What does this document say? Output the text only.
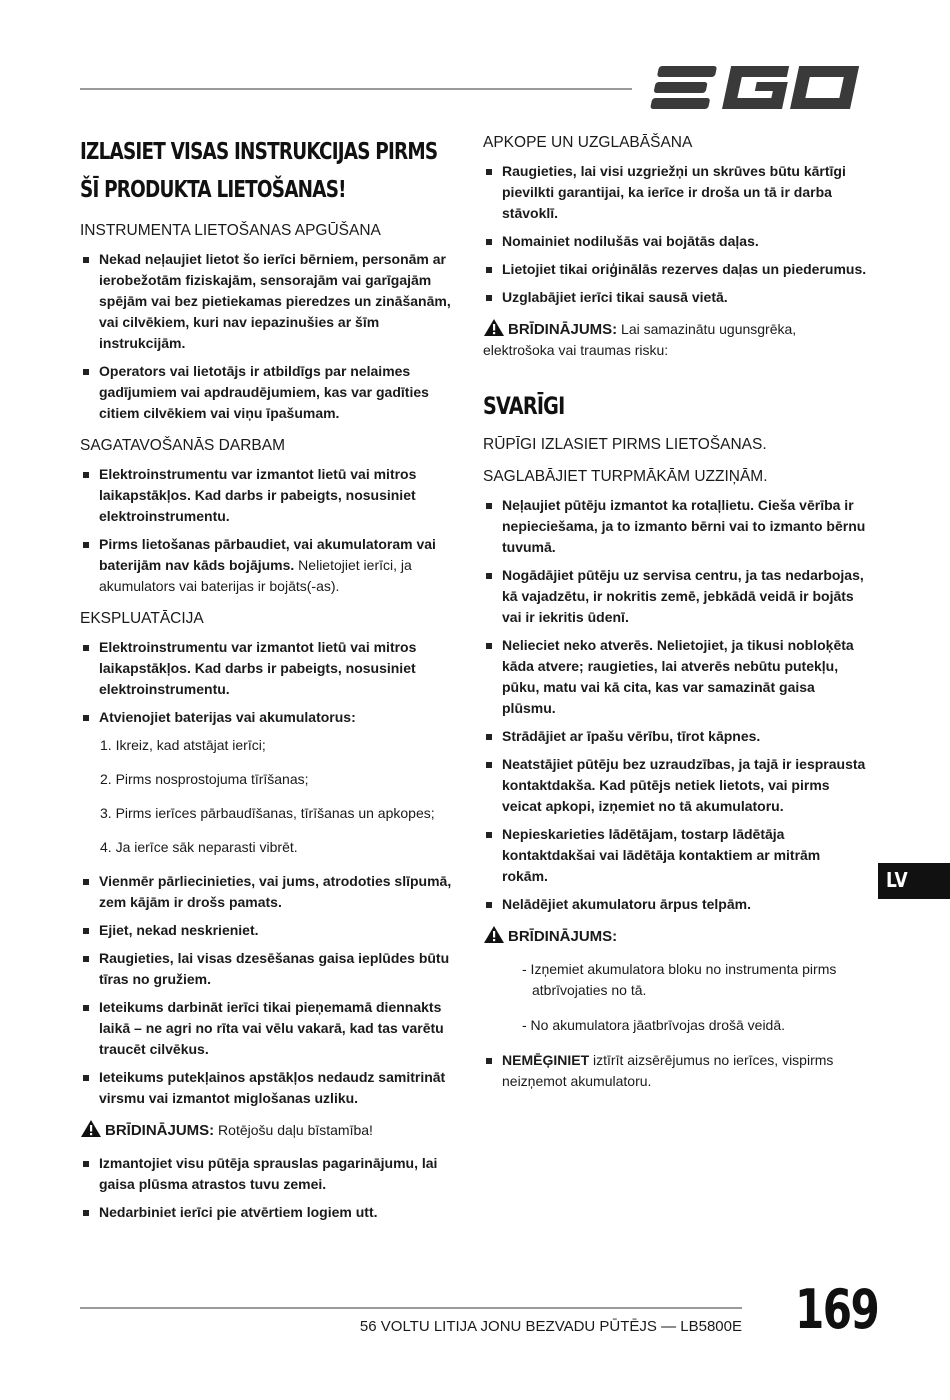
IZLASIET VISAS INSTRUKCIJAS PIRMS ŠĪ PRODUKTA LIETOŠANAS!
INSTRUMENTA LIETOŠANAS APGŪŠANA
Nekad neļaujiet lietot šo ierīci bērniem, personām ar ierobežotām fiziskajām, sensorajām vai garīgajām spējām vai bez pietiekamas pieredzes un zināšanām, vai cilvēkiem, kuri nav iepazinušies ar šīm instrukcijām.
Operators vai lietotājs ir atbildīgs par nelaimes gadījumiem vai apdraudējumiem, kas var gadīties citiem cilvēkiem vai viņu īpašumam.
SAGATAVOŠANĀS DARBAM
Elektroinstrumentu var izmantot lietū vai mitros laikapstākļos. Kad darbs ir pabeigts, nosusiniet elektroinstrumentu.
Pirms lietošanas pārbaudiet, vai akumulatoram vai baterijām nav kāds bojājums. Nelietojiet ierīci, ja akumulators vai baterijas ir bojāts(-as).
EKSPLUATĀCIJA
Elektroinstrumentu var izmantot lietū vai mitros laikapstākļos. Kad darbs ir pabeigts, nosusiniet elektroinstrumentu.
Atvienojiet baterijas vai akumulatorus:
1. Ikreiz, kad atstājat ierīci;
2. Pirms nosprostojuma tīrīšanas;
3. Pirms ierīces pārbaudīšanas, tīrīšanas un apkopes;
4. Ja ierīce sāk neparasti vibrēt.
Vienmēr pārliecinieties, vai jums, atrodoties slīpumā, zem kājām ir drošs pamats.
Ejiet, nekad neskrieniet.
Raugieties, lai visas dzesēšanas gaisa ieplūdes būtu tīras no gružiem.
Ieteikums darbināt ierīci tikai pieņemamā diennakts laikā – ne agri no rīta vai vēlu vakarā, kad tas varētu traucēt cilvēkus.
Ieteikums putekļainos apstākļos nedaudz samitrināt virsmu vai izmantot miglošanas uzliku.
BRĪDINĀJUMS: Rotējošu daļu bīstamība!
Izmantojiet visu pūtēja sprauslas pagarinājumu, lai gaisa plūsma atrastos tuvu zemei.
Nedarbiniet ierīci pie atvērtiem logiem utt.
APKOPE UN UZGLABĀŠANA
Raugieties, lai visi uzgriežņi un skrūves būtu kārtīgi pievilkti garantijai, ka ierīce ir droša un tā ir darba stāvoklī.
Nomainiet nodilušās vai bojātās daļas.
Lietojiet tikai oriģinālās rezerves daļas un piederumus.
Uzglabājiet ierīci tikai sausā vietā.
BRĪDINĀJUMS: Lai samazinātu ugunsgrēka, elektrošoka vai traumas risku:
SVARĪGI
RŪPĪGI IZLASIET PIRMS LIETOŠANAS.
SAGLABĀJIET TURPMĀKĀM UZZIŅĀM.
Neļaujiet pūtēju izmantot ka rotaļlietu. Cieša vērība ir nepieciešama, ja to izmanto bērni vai to izmanto bērnu tuvumā.
Nogādājiet pūtēju uz servisa centru, ja tas nedarbojas, kā vajadzētu, ir nokritis zemē, jebkādā veidā ir bojāts vai ir iekritis ūdenī.
Nelieciet neko atverēs. Nelietojiet, ja tikusi nobloķēta kāda atvere; raugieties, lai atverēs nebūtu putekļu, pūku, matu vai kā cita, kas var samazināt gaisa plūsmu.
Strādājiet ar īpašu vērību, tīrot kāpnes.
Neatstājiet pūtēju bez uzraudzības, ja tajā ir iesprausta kontaktdakša. Kad pūtējs netiek lietots, vai pirms veicat apkopi, izņemiet no tā akumulatoru.
Nepieskarieties lādētājam, tostarp lādētāja kontaktdakšai vai lādētāja kontaktiem ar mitrām rokām.
Nelādējiet akumulatoru ārpus telpām.
BRĪDINĀJUMS:
- Izņemiet akumulatora bloku no instrumenta pirms atbrīvojaties no tā.
- No akumulatora jāatbrīvojas drošā veidā.
NEMĒĢINIET iztīrīt aizsērējumus no ierīces, vispirms neizņemot akumulatoru.
LV
56 VOLTU LITIJA JONU BEZVADU PŪTĒJS — LB5800E 169
